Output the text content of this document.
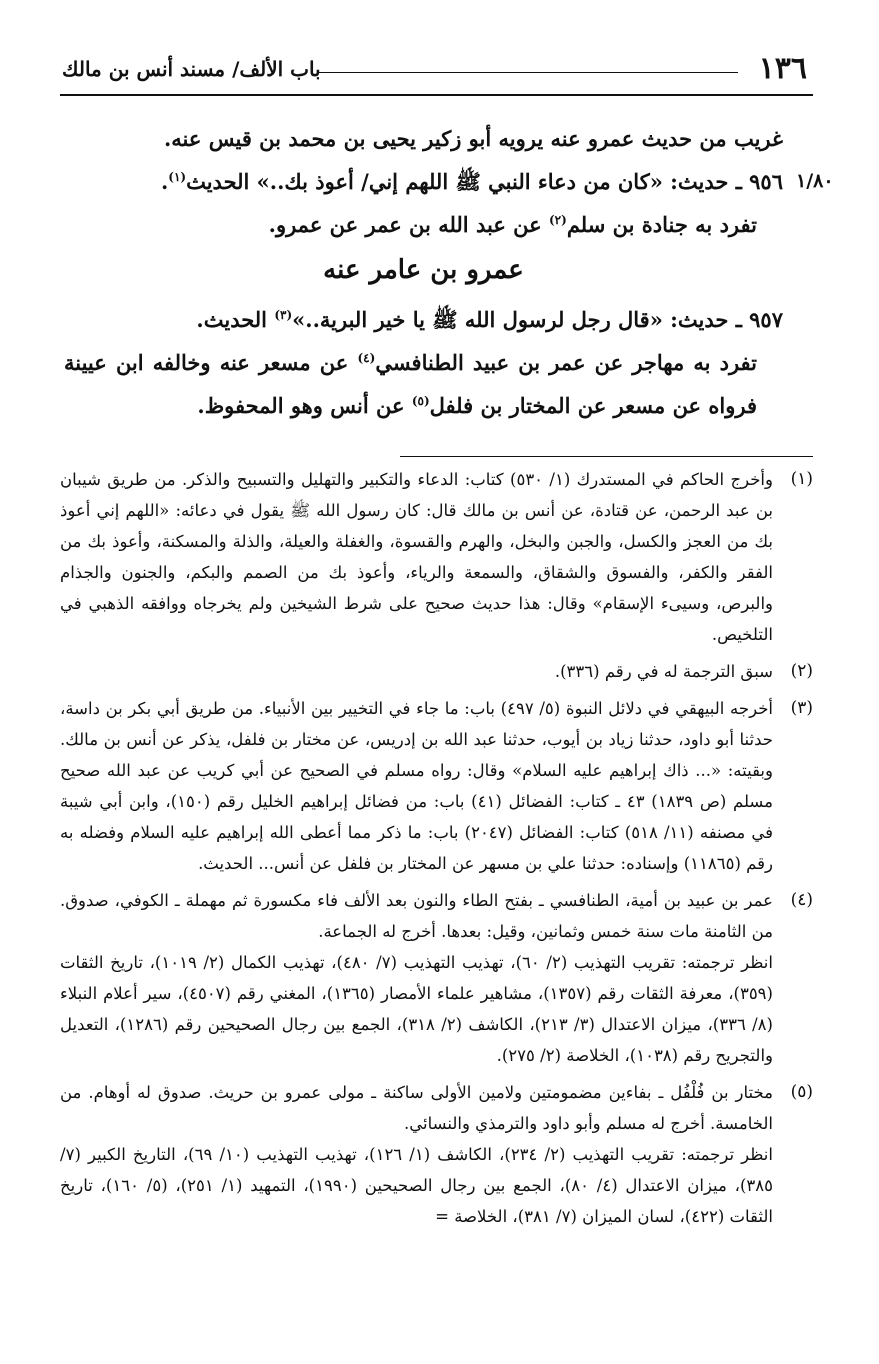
١٣٦
باب الألف/ مسند أنس بن مالك
١/٨٠

غريب من حديث عمرو عنه يرويه أبو زكير يحيى بن محمد بن قيس عنه.

٩٥٦ ـ حديث: «كان من دعاء النبي ﷺ اللهم إني/ أعوذ بك..» الحديث$^{(١)}$.

تفرد به جنادة بن سلم$^{(٢)}$ عن عبد الله بن عمر عن عمرو.

عمرو بن عامر عنه

٩٥٧ ـ حديث: «قال رجل لرسول الله ﷺ يا خير البرية..»$^{(٣)}$ الحديث.

تفرد به مهاجر عن عمر بن عبيد الطنافسي$^{(٤)}$ عن مسعر عنه وخالفه ابن عيينة فرواه عن مسعر عن المختار بن فلفل$^{(٥)}$ عن أنس وهو المحفوظ.

(١)

وأخرج الحاكم في المستدرك (١/ ٥٣٠) كتاب: الدعاء والتكبير والتهليل والتسبيح والذكر. من طريق شيبان بن عبد الرحمن، عن قتادة، عن أنس بن مالك قال: كان رسول الله ﷺ يقول في دعائه: «اللهم إني أعوذ بك من العجز والكسل، والجبن والبخل، والهرم والقسوة، والغفلة والعيلة، والذلة والمسكنة، وأعوذ بك من الفقر والكفر، والفسوق والشقاق، والسمعة والرياء، وأعوذ بك من الصمم والبكم، والجنون والجذام والبرص، وسيىء الإسقام» وقال: هذا حديث صحيح على شرط الشيخين ولم يخرجاه ووافقه الذهبي في التلخيص.

(٢)

سبق الترجمة له في رقم (٣٣٦).

(٣)

أخرجه البيهقي في دلائل النبوة (٥/ ٤٩٧) باب: ما جاء في التخيير بين الأنبياء. من طريق أبي بكر بن داسة، حدثنا أبو داود، حدثنا زياد بن أيوب، حدثنا عبد الله بن إدريس، عن مختار بن فلفل، يذكر عن أنس بن مالك. وبقيته: «... ذاك إبراهيم عليه السلام» وقال: رواه مسلم في الصحيح عن أبي كريب عن عبد الله صحيح مسلم (ص ١٨٣٩) ٤٣ ـ كتاب: الفضائل (٤١) باب: من فضائل إبراهيم الخليل رقم (١٥٠)، وابن أبي شيبة في مصنفه (١١/ ٥١٨) كتاب: الفضائل (٢٠٤٧) باب: ما ذكر مما أعطى الله إبراهيم عليه السلام وفضله به رقم (١١٨٦٥) وإسناده: حدثنا علي بن مسهر عن المختار بن فلفل عن أنس... الحديث.

(٤)

عمر بن عبيد بن أمية، الطنافسي ـ بفتح الطاء والنون بعد الألف فاء مكسورة ثم مهملة ـ الكوفي، صدوق. من الثامنة مات سنة خمس وثمانين، وقيل: بعدها. أخرج له الجماعة.

انظر ترجمته: تقريب التهذيب (٢/ ٦٠)، تهذيب التهذيب (٧/ ٤٨٠)، تهذيب الكمال (٢/ ١٠١٩)، تاريخ الثقات (٣٥٩)، معرفة الثقات رقم (١٣٥٧)، مشاهير علماء الأمصار (١٣٦٥)، المغني رقم (٤٥٠٧)، سير أعلام النبلاء (٨/ ٣٣٦)، ميزان الاعتدال (٣/ ٢١٣)، الكاشف (٢/ ٣١٨)، الجمع بين رجال الصحيحين رقم (١٢٨٦)، التعديل والتجريح رقم (١٠٣٨)، الخلاصة (٢/ ٢٧٥).

(٥)

مختار بن فُلْفُل ـ بفاءين مضمومتين ولامين الأولى ساكنة ـ مولى عمرو بن حريث. صدوق له أوهام. من الخامسة. أخرج له مسلم وأبو داود والترمذي والنسائي.

انظر ترجمته: تقريب التهذيب (٢/ ٢٣٤)، الكاشف (١/ ١٢٦)، تهذيب التهذيب (١٠/ ٦٩)، التاريخ الكبير (٧/ ٣٨٥)، ميزان الاعتدال (٤/ ٨٠)، الجمع بين رجال الصحيحين (١٩٩٠)، التمهيد (١/ ٢٥١)، (٥/ ١٦٠)، تاريخ الثقات (٤٢٢)، لسان الميزان (٧/ ٣٨١)، الخلاصة =
